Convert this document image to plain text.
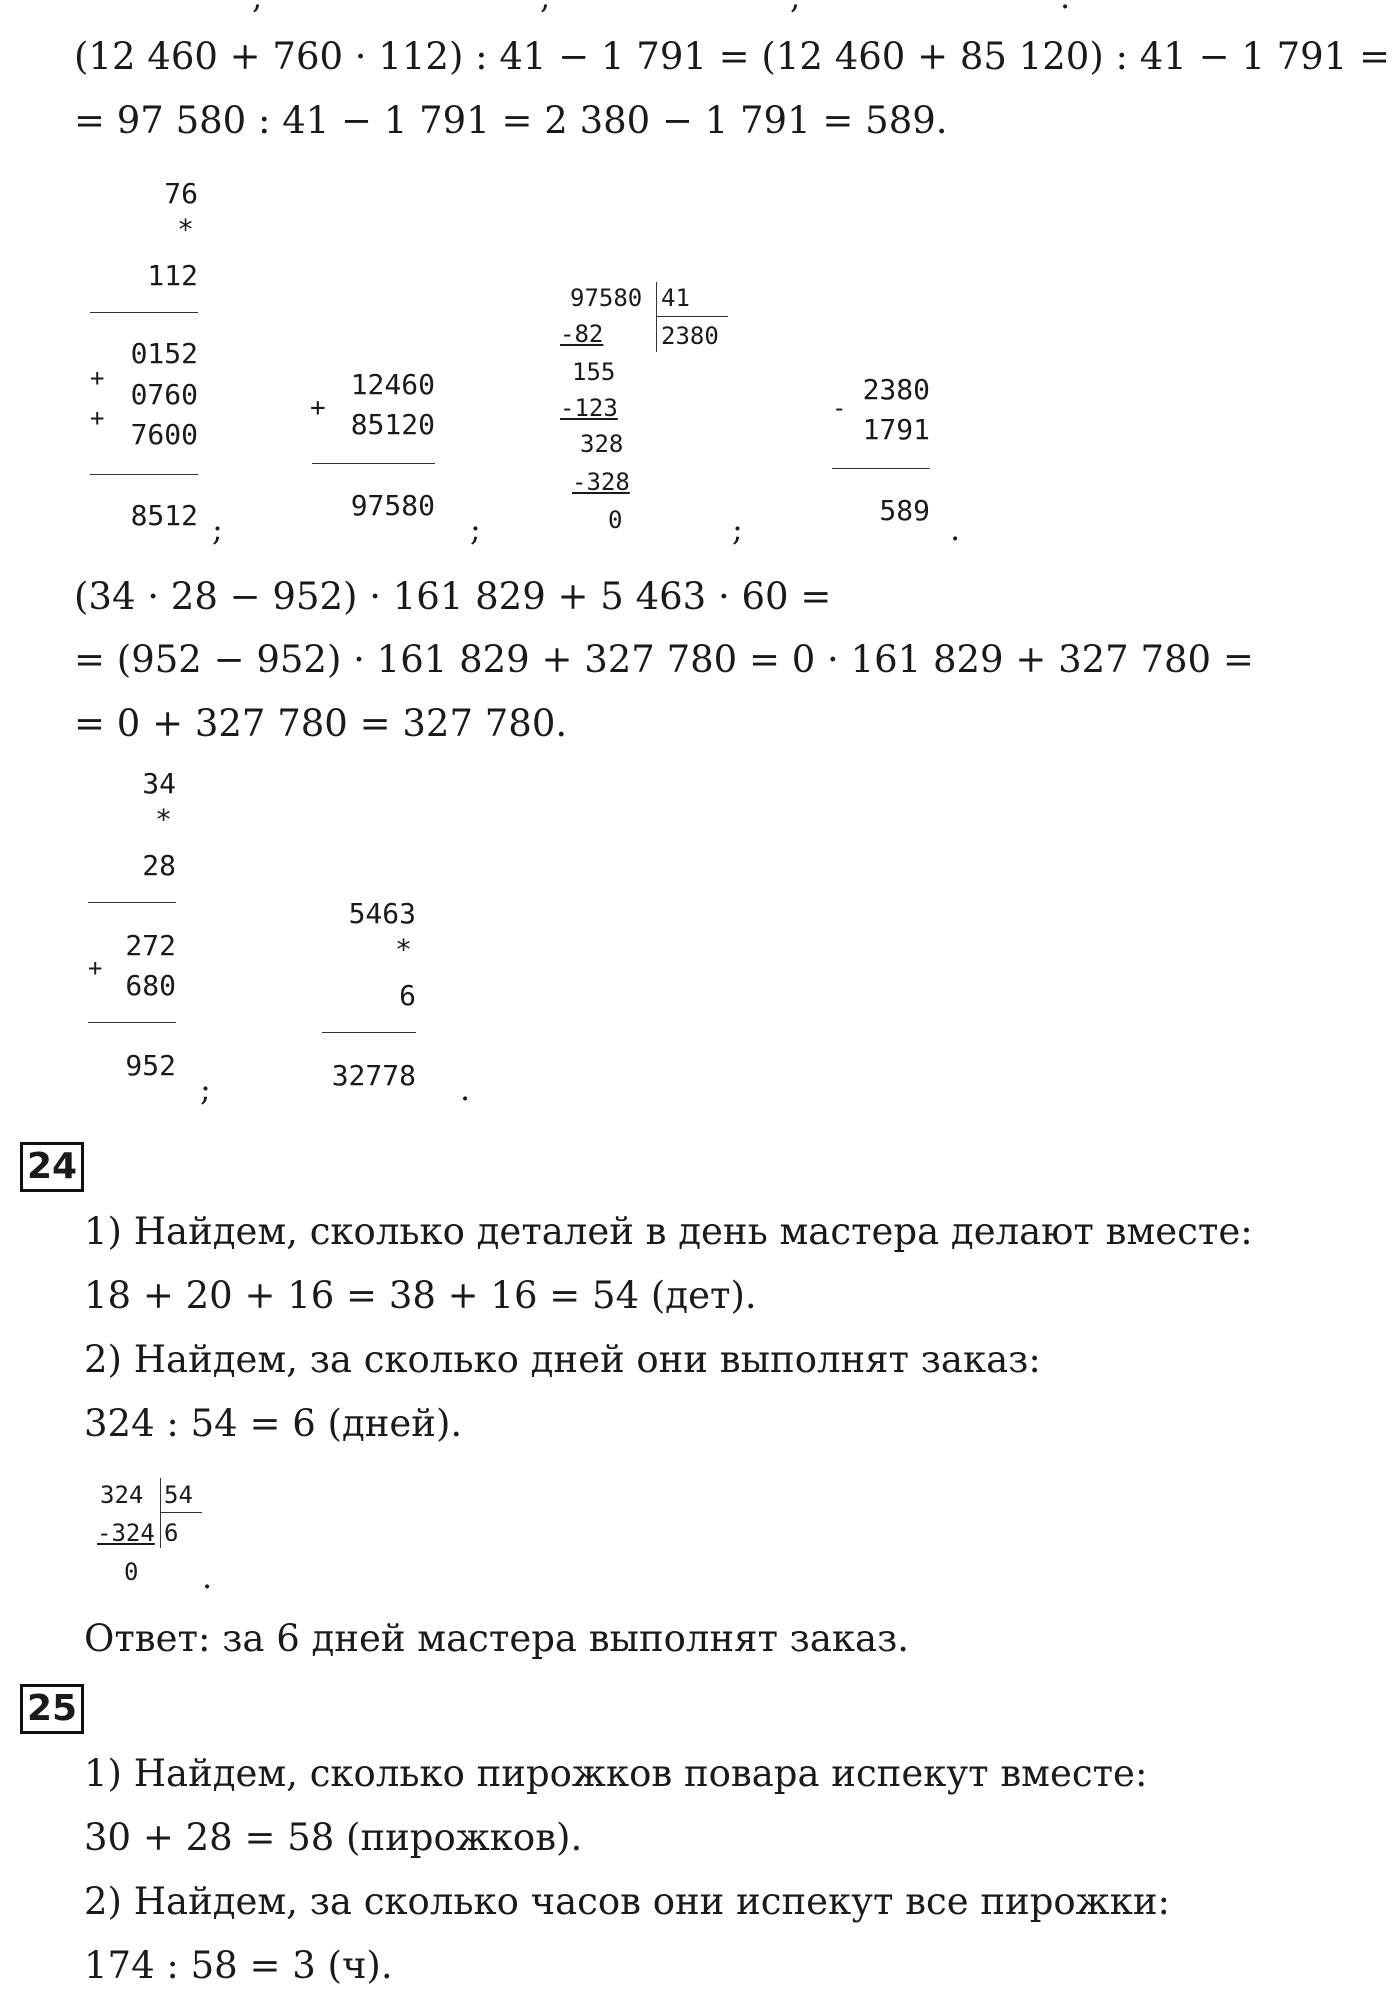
(12 460 + 760 · 112) : 41 − 1 791 = (12 460 + 85 120) : 41 − 1 791 =
= 97 580 : 41 − 1 791 = 2 380 − 1 791 = 589.
76
*
112
0152
+ 0760
+ 7600
8512 ;
+
12460
85120
97580
;
97580 41
2380
-82
155
-123
328
-328
0	;
-
2380
1791
589 .
(34 · 28 − 952) · 161 829 + 5 463 · 60 =
= (952 − 952) · 161 829 + 327 780 = 0 · 161 829 + 327 780 =
= 0 + 327 780 = 327 780.
34
*
28
272
+
680
952
;
5463
*
6
32778 .
24
1) Найдем, сколько деталей в день мастера делают вместе:
18 + 20 + 16 = 38 + 16 = 54 (дет).
2) Найдем, за сколько дней они выполнят заказ:
324 : 54 = 6 (дней).
324 54
6
-324
0 .
Ответ: за 6 дней мастера выполнят заказ.
25
1) Найдем, сколько пирожков повара испекут вместе:
30 + 28 = 58 (пирожков).
2) Найдем, за сколько часов они испекут все пирожки:
174 : 58 = 3 (ч).
